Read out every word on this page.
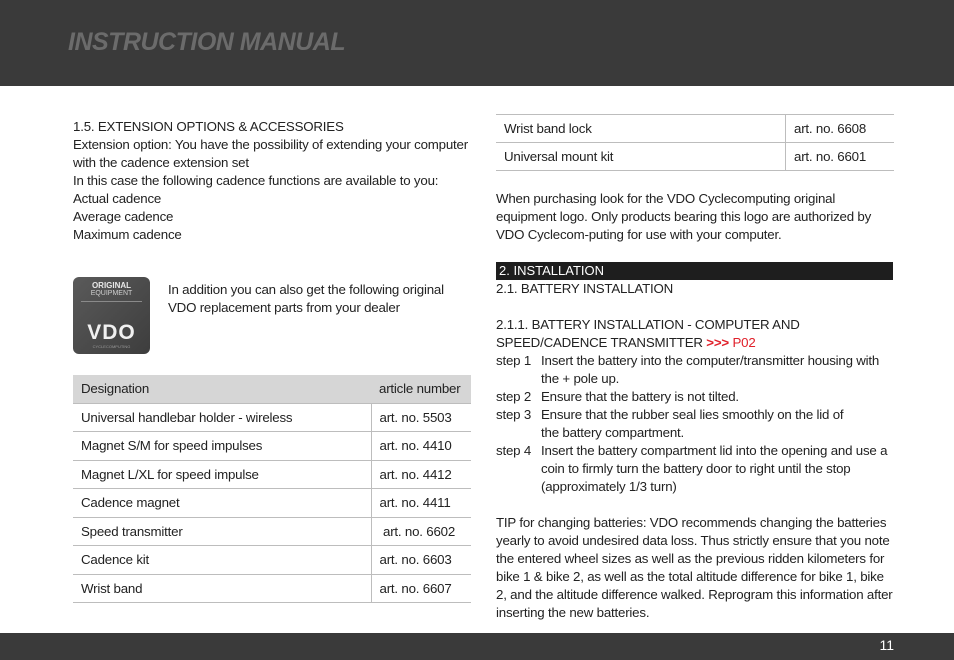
INSTRUCTION MANUAL

1.5. EXTENSION OPTIONS & ACCESSORIES

Extension option: You have the possibility of extending your computer with the cadence extension set

In this case the following cadence functions are available to you:

Actual cadence

Average cadence

Maximum cadence

ORIGINAL
EQUIPMENT
VDO
CYCLECOMPUTING

In addition you can also get the following original VDO replacement parts from your dealer

Designation	article number
Universal handlebar holder - wireless	art. no. 5503
Magnet S/M for speed impulses	art. no. 4410
Magnet L/XL for speed impulse	art. no. 4412
Cadence magnet	art. no. 4411
Speed transmitter	art. no. 6602
Cadence kit	art. no. 6603
Wrist band	art. no. 6607
Wrist band lock	art. no. 6608
Universal mount kit	art. no. 6601

When purchasing look for the VDO Cyclecomputing original equipment logo. Only products bearing this logo are authorized by VDO Cyclecom-puting for use with your computer.

2. INSTALLATION

2.1. BATTERY INSTALLATION

2.1.1. BATTERY INSTALLATION - COMPUTER AND SPEED/CADENCE TRANSMITTER >>> P02

step 1 Insert the battery into the computer/transmitter housing with the + pole up.
step 2 Ensure that the battery is not tilted.
step 3 Ensure that the rubber seal lies smoothly on the lid of the battery compartment.
step 4 Insert the battery compartment lid into the opening and use a coin to firmly turn the battery door to right until the stop (approximately 1/3 turn)

TIP for changing batteries: VDO recommends changing the batteries yearly to avoid undesired data loss. Thus strictly ensure that you note the entered wheel sizes as well as the previous ridden kilometers for bike 1 & bike 2, as well as the total altitude difference for bike 1, bike 2, and the altitude difference walked. Reprogram this information after inserting the new batteries.

11
